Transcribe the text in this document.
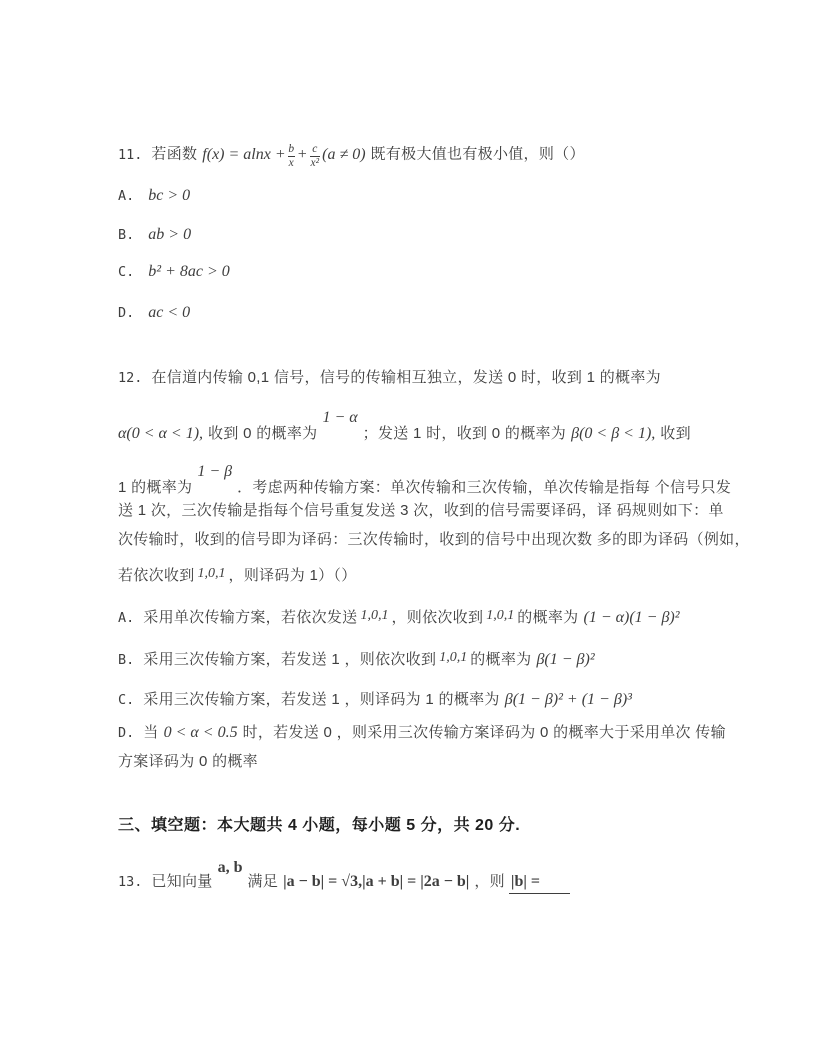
11. 若函数 $f(x) = alnx + \frac{b}{x} + \frac{c}{\text{x²}} (a \ne 0)$ 既有极大值也有极小值，则（）
A. bc > 0
B. ab > 0
C. b² + 8ac > 0
D. ac < 0
12. 在信道内传输 0,1 信号，信号的传输相互独立，发送 0 时，收到 1 的概率为
α(0 < α < 1), 收到 0 的概率为1 − α；发送 1 时，收到 0 的概率为 β(0 < β < 1), 收到
1 的概率为1 − β．考虑两种传输方案：单次传输和三次传输，单次传输是指每 个信号只发
送 1 次，三次传输是指每个信号重复发送 3 次，收到的信号需要译码，译 码规则如下：单
次传输时，收到的信号即为译码：三次传输时，收到的信号中出现次数 多的即为译码（例如，
若依次收到 1,0,1 ，则译码为 1）（）
A. 采用单次传输方案，若依次发送 1,0,1 ，则依次收到 1,0,1 的概率为 (1 − α)(1 − β)²
B. 采用三次传输方案，若发送 1 ，则依次收到 1,0,1 的概率为 β(1 − β)²
C. 采用三次传输方案，若发送 1 ，则译码为 1 的概率为 β(1 − β)² + (1 − β)³
D. 当 0 < α < 0.5 时，若发送 0 ，则采用三次传输方案译码为 0 的概率大于采用单次 传输
方案译码为 0 的概率
三、填空题：本大题共 4 小题，每小题 5 分，共 20 分.
13. 已知向量a, b满足 |a − b| = √3,|a + b| = |2a − b| ，则 |b| =
